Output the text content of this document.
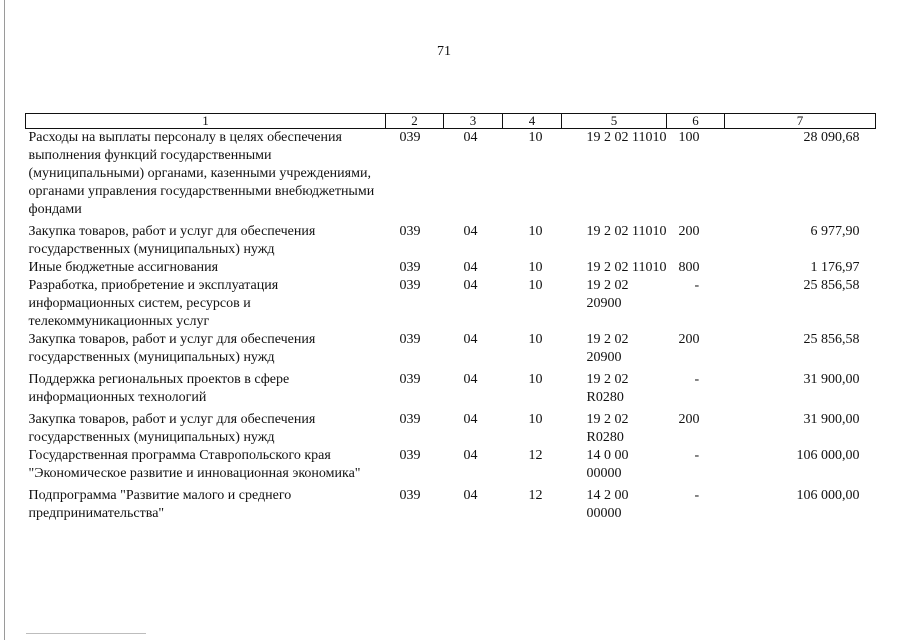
71
1	2	3	4	5	6	7
Расходы на выплаты персоналу в целях обеспечения выполнения функций государственными (муниципальными) органами, казенными учреждениями, органами управления государственными внебюджетными фондами	039	04	10	19 2 02 11010	100	28 090,68
Закупка товаров, работ и услуг для обеспечения государственных (муниципальных) нужд	039	04	10	19 2 02 11010	200	6 977,90
Иные бюджетные ассигнования	039	04	10	19 2 02 11010	800	1 176,97
Разработка, приобретение и эксплуатация информационных систем, ресурсов и телекоммуникационных услуг	039	04	10	19 2 02 20900	-	25 856,58
Закупка товаров, работ и услуг для обеспечения государственных (муниципальных) нужд	039	04	10	19 2 02 20900	200	25 856,58
Поддержка региональных проектов в сфере информационных технологий	039	04	10	19 2 02 R0280	-	31 900,00
Закупка товаров, работ и услуг для обеспечения государственных (муниципальных) нужд	039	04	10	19 2 02 R0280	200	31 900,00
Государственная программа Ставропольского края "Экономическое развитие и инновационная экономика"	039	04	12	14 0 00 00000	-	106 000,00
Подпрограмма "Развитие малого и среднего предпринимательства"	039	04	12	14 2 00 00000	-	106 000,00
